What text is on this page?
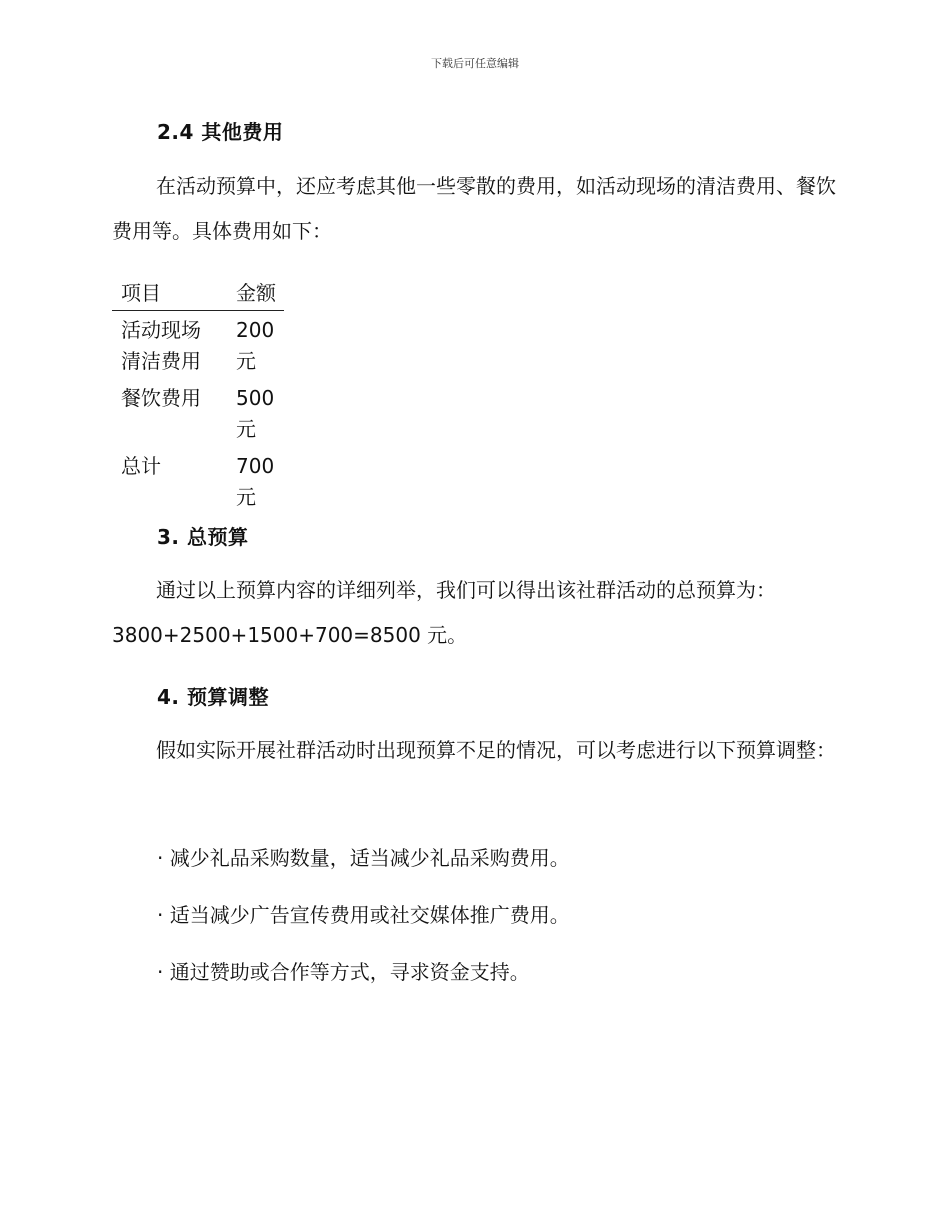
下载后可任意编辑
2.4 其他费用

在活动预算中，还应考虑其他一些零散的费用，如活动现场的清洁费用、餐饮费用等。具体费用如下：

项目	金额
活动现场清洁费用	200元
餐饮费用	500元
总计	700元
3. 总预算

通过以上预算内容的详细列举，我们可以得出该社群活动的总预算为：

3800+2500+1500+700=8500 元。

4. 预算调整

假如实际开展社群活动时出现预算不足的情况，可以考虑进行以下预算调整：

· 减少礼品采购数量，适当减少礼品采购费用。
· 适当减少广告宣传费用或社交媒体推广费用。
· 通过赞助或合作等方式，寻求资金支持。
